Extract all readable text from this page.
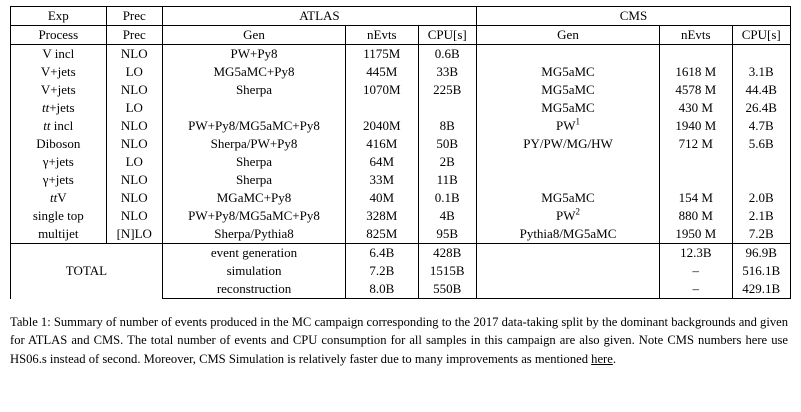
Exp	Prec	ATLAS			CMS		
Process	Prec	Gen	nEvts	CPU[s]	Gen	nEvts	CPU[s]
V incl	NLO	PW+Py8	1175M	0.6B			
V+jets	LO	MG5aMC+Py8	445M	33B	MG5aMC	1618 M	3.1B
V+jets	NLO	Sherpa	1070M	225B	MG5aMC	4578 M	44.4B
tt+jets	LO				MG5aMC	430 M	26.4B
tt incl	NLO	PW+Py8/MG5aMC+Py8	2040M	8B	$PW^1$	1940 M	4.7B
Diboson	NLO	Sherpa/PW+Py8	416M	50B	PY/PW/MG/HW	712 M	5.6B
γ+jets	LO	Sherpa	64M	2B			
γ+jets	NLO	Sherpa	33M	11B			
ttV	NLO	MGaMC+Py8	40M	0.1B	MG5aMC	154 M	2.0B
single top	NLO	PW+Py8/MG5aMC+Py8	328M	4B	$PW^2$	880 M	2.1B
multijet	[N]LO	Sherpa/Pythia8	825M	95B	Pythia8/MG5aMC	1950 M	7.2B
TOTAL		event generation	6.4B	428B		12.3B	96.9B
		simulation	7.2B	1515B		–	516.1B
		reconstruction	8.0B	550B		–	429.1B
Table 1: Summary of number of events produced in the MC campaign corresponding to the 2017 data-taking split by the dominant backgrounds and given for ATLAS and CMS. The total number of events and CPU consumption for all samples in this campaign are also given. Note CMS numbers here use HS06.s instead of second. Moreover, CMS Simulation is relatively faster due to many improvements as mentioned here.
